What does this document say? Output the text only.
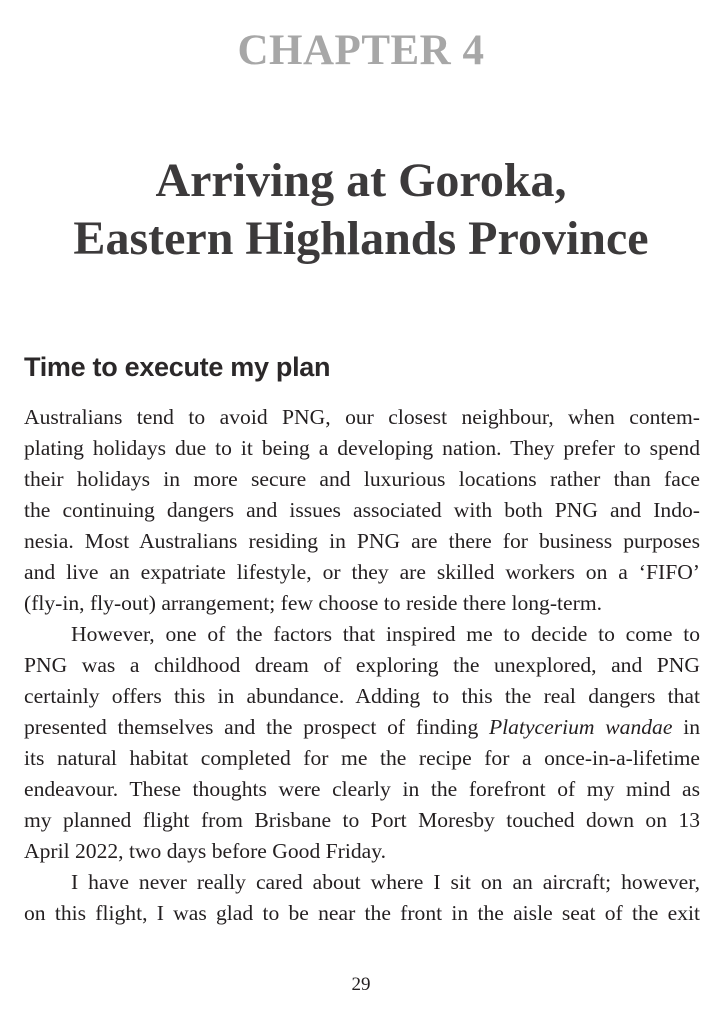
CHAPTER 4
Arriving at Goroka,
Eastern Highlands Province
Time to execute my plan
Australians tend to avoid PNG, our closest neighbour, when contem-
plating holidays due to it being a developing nation. They prefer to spend
their holidays in more secure and luxurious locations rather than face
the continuing dangers and issues associated with both PNG and Indo-
nesia. Most Australians residing in PNG are there for business purposes
and live an expatriate lifestyle, or they are skilled workers on a ‘FIFO’
(fly-in, fly-out) arrangement; few choose to reside there long-term.
However, one of the factors that inspired me to decide to come to
PNG was a childhood dream of exploring the unexplored, and PNG
certainly offers this in abundance. Adding to this the real dangers that
presented themselves and the prospect of finding Platycerium wandae in
its natural habitat completed for me the recipe for a once-in-a-lifetime
endeavour. These thoughts were clearly in the forefront of my mind as
my planned flight from Brisbane to Port Moresby touched down on 13
April 2022, two days before Good Friday.
I have never really cared about where I sit on an aircraft; however,
on this flight, I was glad to be near the front in the aisle seat of the exit
29
